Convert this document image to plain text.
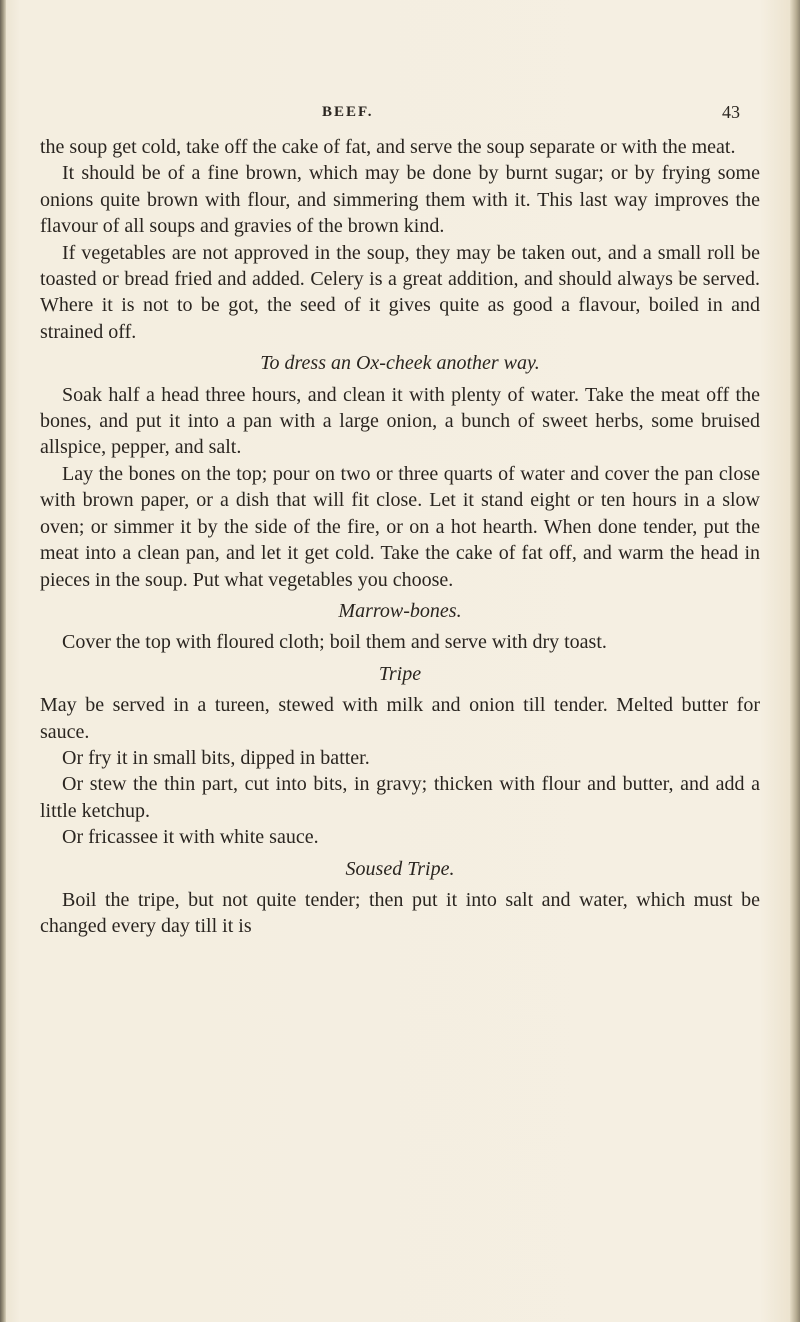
BEEF.	43

the soup get cold, take off the cake of fat, and serve the soup separate or with the meat.

It should be of a fine brown, which may be done by burnt sugar; or by frying some onions quite brown with flour, and simmering them with it. This last way improves the flavour of all soups and gravies of the brown kind.

If vegetables are not approved in the soup, they may be taken out, and a small roll be toasted or bread fried and added. Celery is a great addition, and should always be served. Where it is not to be got, the seed of it gives quite as good a flavour, boiled in and strained off.

To dress an Ox-cheek another way.

Soak half a head three hours, and clean it with plenty of water. Take the meat off the bones, and put it into a pan with a large onion, a bunch of sweet herbs, some bruised allspice, pepper, and salt.

Lay the bones on the top; pour on two or three quarts of water and cover the pan close with brown paper, or a dish that will fit close. Let it stand eight or ten hours in a slow oven; or simmer it by the side of the fire, or on a hot hearth. When done tender, put the meat into a clean pan, and let it get cold. Take the cake of fat off, and warm the head in pieces in the soup. Put what vegetables you choose.

Marrow-bones.

Cover the top with floured cloth; boil them and serve with dry toast.

Tripe

May be served in a tureen, stewed with milk and onion till tender. Melted butter for sauce.

Or fry it in small bits, dipped in batter.

Or stew the thin part, cut into bits, in gravy; thicken with flour and butter, and add a little ketchup.

Or fricassee it with white sauce.

Soused Tripe.

Boil the tripe, but not quite tender; then put it into salt and water, which must be changed every day till it is
